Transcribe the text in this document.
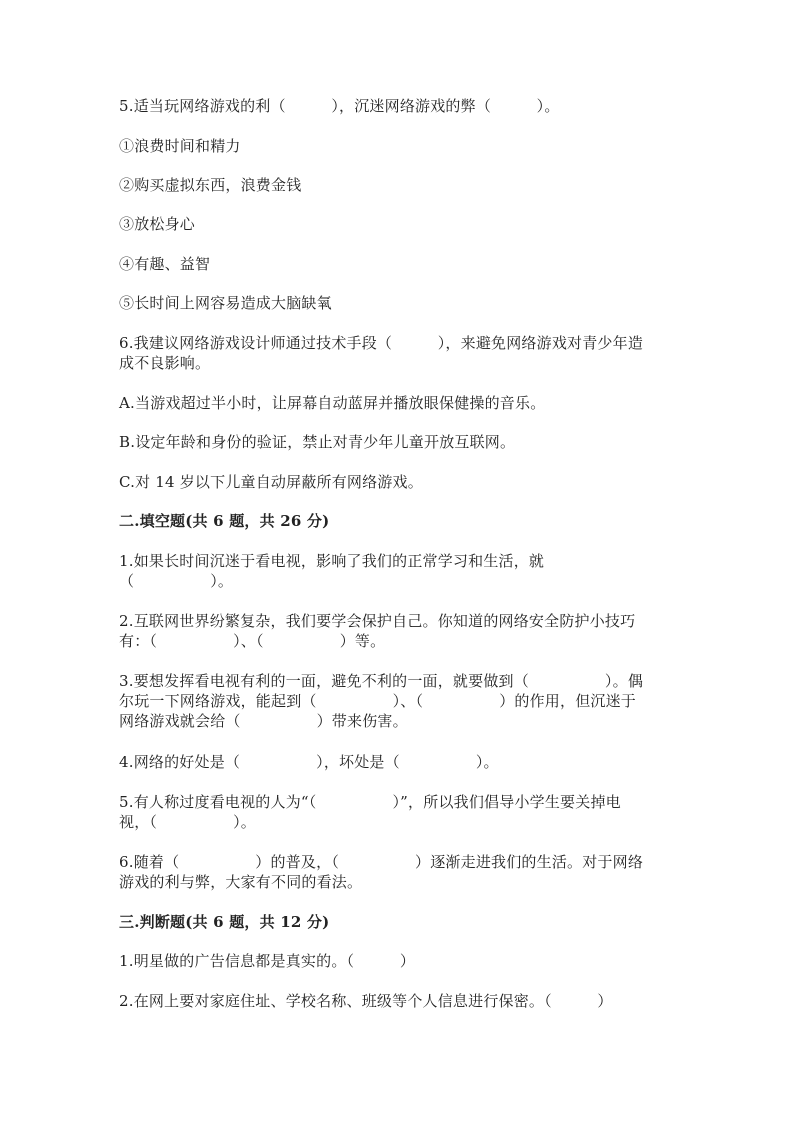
5.适当玩网络游戏的利（　　　），沉迷网络游戏的弊（　　　）。
①浪费时间和精力
②购买虚拟东西，浪费金钱
③放松身心
④有趣、益智
⑤长时间上网容易造成大脑缺氧
6.我建议网络游戏设计师通过技术手段（　　　），来避免网络游戏对青少年造
成不良影响。
A.当游戏超过半小时，让屏幕自动蓝屏并播放眼保健操的音乐。
B.设定年龄和身份的验证，禁止对青少年儿童开放互联网。
C.对 14 岁以下儿童自动屏蔽所有网络游戏。
二.填空题(共 6 题，共 26 分)
1.如果长时间沉迷于看电视，影响了我们的正常学习和生活，就
（　　　　　）。
2.互联网世界纷繁复杂，我们要学会保护自己。你知道的网络安全防护小技巧
有：（　　　　　）、（　　　　　）等。
3.要想发挥看电视有利的一面，避免不利的一面，就要做到（　　　　　）。偶
尔玩一下网络游戏，能起到（　　　　　）、（　　　　　）的作用，但沉迷于
网络游戏就会给（　　　　　）带来伤害。
4.网络的好处是（　　　　　），坏处是（　　　　　）。
5.有人称过度看电视的人为“（　　　　　）”，所以我们倡导小学生要关掉电
视，（　　　　　）。
6.随着（　　　　　）的普及，（　　　　　）逐渐走进我们的生活。对于网络
游戏的利与弊，大家有不同的看法。
三.判断题(共 6 题，共 12 分)
1.明星做的广告信息都是真实的。（　　　）
2.在网上要对家庭住址、学校名称、班级等个人信息进行保密。（　　　）
